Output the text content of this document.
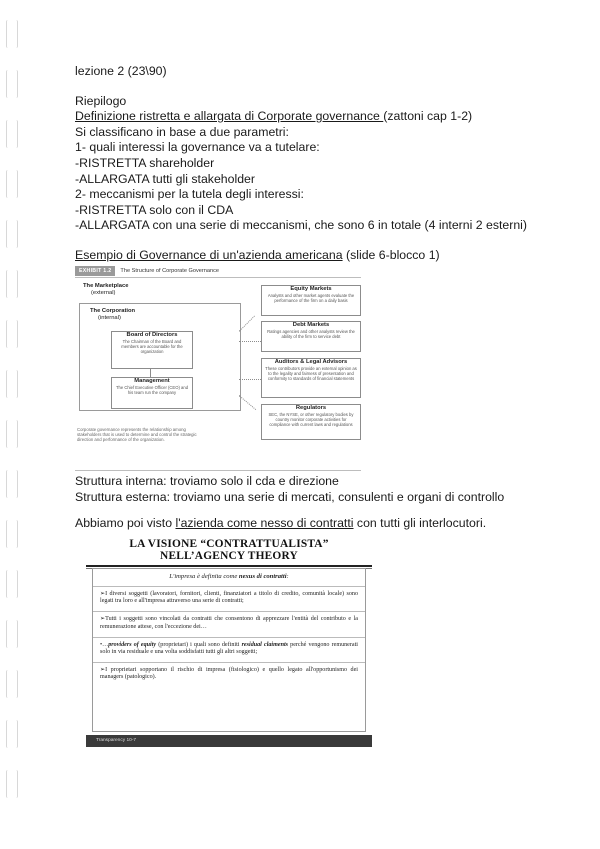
lezione 2 (23\90)

Riepilogo

Definizione ristretta e allargata di Corporate governance (zattoni cap 1-2)

Si classificano in base a due parametri:

1- quali interessi la governance va a tutelare:

-RISTRETTA shareholder

-ALLARGATA tutti gli stakeholder

2- meccanismi per la tutela degli interessi:

-RISTRETTA solo con il CDA

-ALLARGATA con una serie di meccanismi, che sono 6 in totale (4 interni 2 esterni)

Esempio di Governance di un'azienda americana (slide 6-blocco 1)

EXHIBIT 1.2	The Structure of Corporate Governance
The Marketplace
(external)
The Corporation
(internal)
Board of Directors
The Chairman of the Board and members are accountable for the organization
Management
The Chief Executive Officer (CEO) and his team run the company
Corporate governance represents the relationship among stakeholders that is used to determine and control the strategic direction and performance of the organization.
Equity Markets
Analysts and other market agents evaluate the performance of the firm on a daily basis
Debt Markets
Ratings agencies and other analysts review the ability of the firm to service debt
Auditors & Legal Advisors
These contributors provide an external opinion as to the legality and fairness of presentation and conformity to standards of financial statements
Regulators
SEC, the NYSE, or other regulatory bodies by country monitor corporate activities for compliance with current laws and regulations

Struttura interna: troviamo solo il cda e direzione

Struttura esterna: troviamo una serie di mercati, consulenti e organi di controllo

Abbiamo poi visto l'azienda come nesso di contratti con tutti gli interlocutori.
LA VISIONE “CONTRATTUALISTA” NELL’AGENCY THEORY
L'impresa è definita come nexus di contratti:
➢I diversi soggetti (lavoratori, fornitori, clienti, finanziatori a titolo di credito, comunità locale) sono legati tra loro e all'impresa attraverso una serie di contratti;
➢Tutti i soggetti sono vincolati da contratti che consentono di apprezzare l'entità del contributo e la remunerazione attese, con l'eccezione dei…
•…providers of equity (proprietari) i quali sono definiti residual claiments perché vengono remunerati solo in via residuale e una volta soddisfatti tutti gli altri soggetti;
➢I proprietari sopportano il rischio di impresa (fisiologico) e quello legato all'opportunismo dei managers (patologico).
Transparency 10-7
